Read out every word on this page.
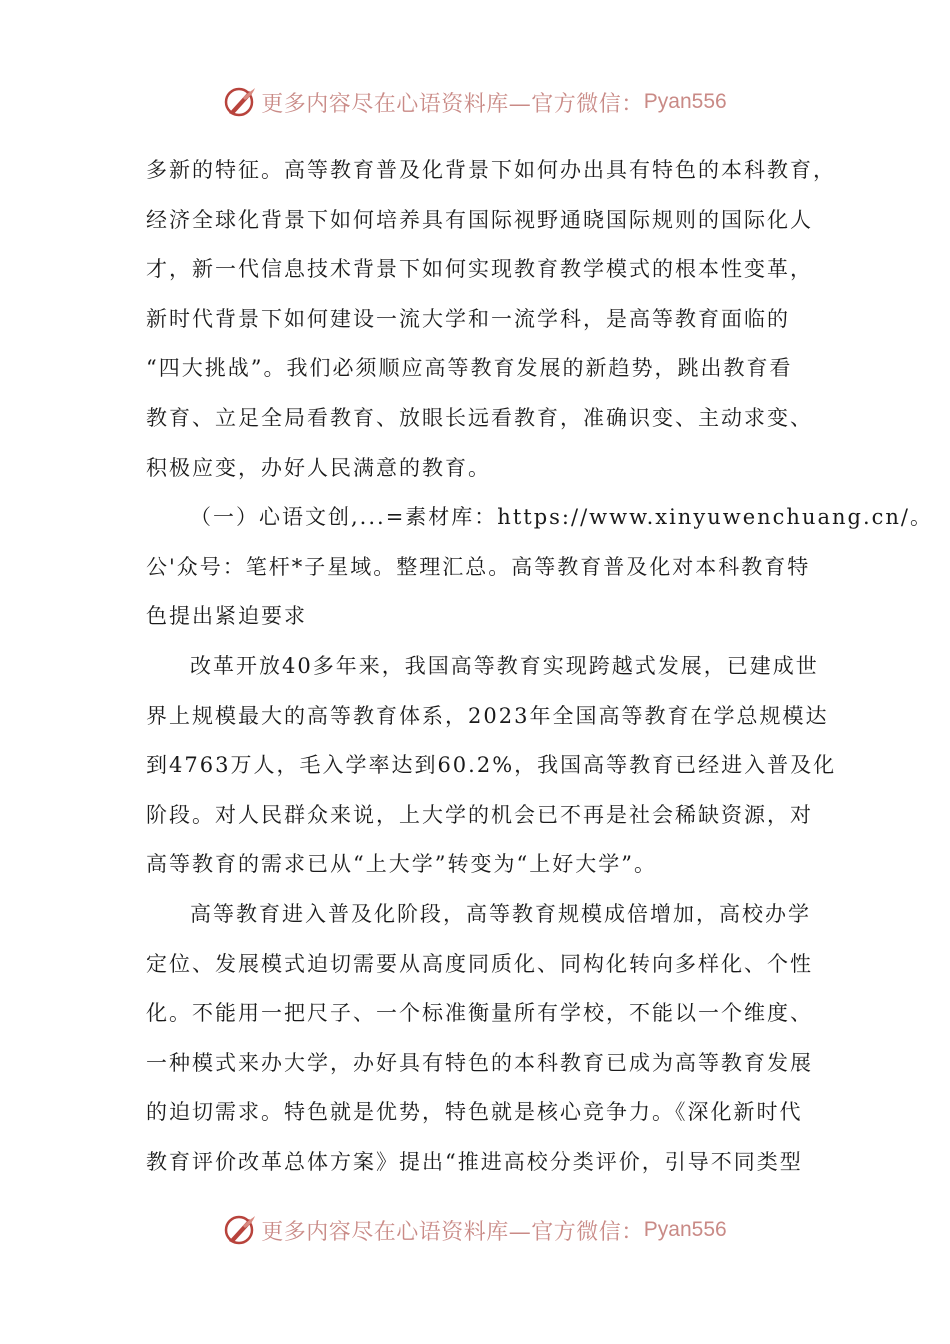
更多内容尽在心语资料库—官方微信： Pyan556
多新的特征。高等教育普及化背景下如何办出具有特色的本科教育，
经济全球化背景下如何培养具有国际视野通晓国际规则的国际化人
才，新一代信息技术背景下如何实现教育教学模式的根本性变革，
新时代背景下如何建设一流大学和一流学科，是高等教育面临的
“四大挑战”。我们必须顺应高等教育发展的新趋势，跳出教育看
教育、立足全局看教育、放眼长远看教育，准确识变、主动求变、
积极应变，办好人民满意的教育。
（一）心语文创,...=素材库：https://www.xinyuwenchuang.cn/。
公'众号：笔杆*子星域。整理汇总。高等教育普及化对本科教育特
色提出紧迫要求
改革开放40多年来，我国高等教育实现跨越式发展，已建成世
界上规模最大的高等教育体系，2023年全国高等教育在学总规模达
到4763万人，毛入学率达到60.2%，我国高等教育已经进入普及化
阶段。对人民群众来说，上大学的机会已不再是社会稀缺资源，对
高等教育的需求已从“上大学”转变为“上好大学”。
高等教育进入普及化阶段，高等教育规模成倍增加，高校办学
定位、发展模式迫切需要从高度同质化、同构化转向多样化、个性
化。不能用一把尺子、一个标准衡量所有学校，不能以一个维度、
一种模式来办大学，办好具有特色的本科教育已成为高等教育发展
的迫切需求。特色就是优势，特色就是核心竞争力。《深化新时代
教育评价改革总体方案》提出“推进高校分类评价，引导不同类型
更多内容尽在心语资料库—官方微信： Pyan556
